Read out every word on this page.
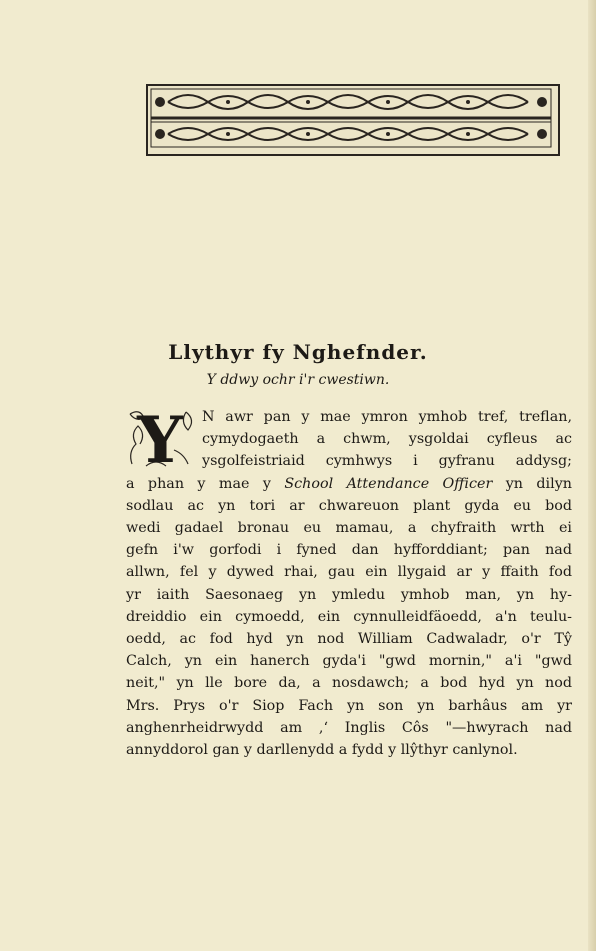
Llythyr fy Nghefnder.
Y ddwy ochr i'r cwestiwn.
Y N awr pan y mae ymron ymhob tref, treflan,
cymydogaeth a chwm, ysgoldai cyfleus ac
ysgolfeistriaid cymhwys i gyfranu addysg;
a phan y mae y School Attendance Officer yn dilyn
sodlau ac yn tori ar chwareuon plant gyda eu bod
wedi gadael bronau eu mamau, a chyfraith wrth ei
gefn i'w gorfodi i fyned dan hyfforddiant; pan nad
allwn, fel y dywed rhai, gau ein llygaid ar y ffaith fod
yr iaith Saesonaeg yn ymledu ymhob man, yn hy-
dreiddio ein cymoedd, ein cynnulleidfäoedd, a'n teulu-
oedd, ac fod hyd yn nod William Cadwaladr, o'r Tŷ
Calch, yn ein hanerch gyda'i "gwd mornin," a'i "gwd
neit," yn lle bore da, a nosdawch; a bod hyd yn nod
Mrs. Prys o'r Siop Fach yn son yn barhâus am yr
anghenrheidrwydd am ,‘ Inglis Côs "—hwyrach nad
annyddorol gan y darllenydd a fydd y llŷthyr canlynol.
